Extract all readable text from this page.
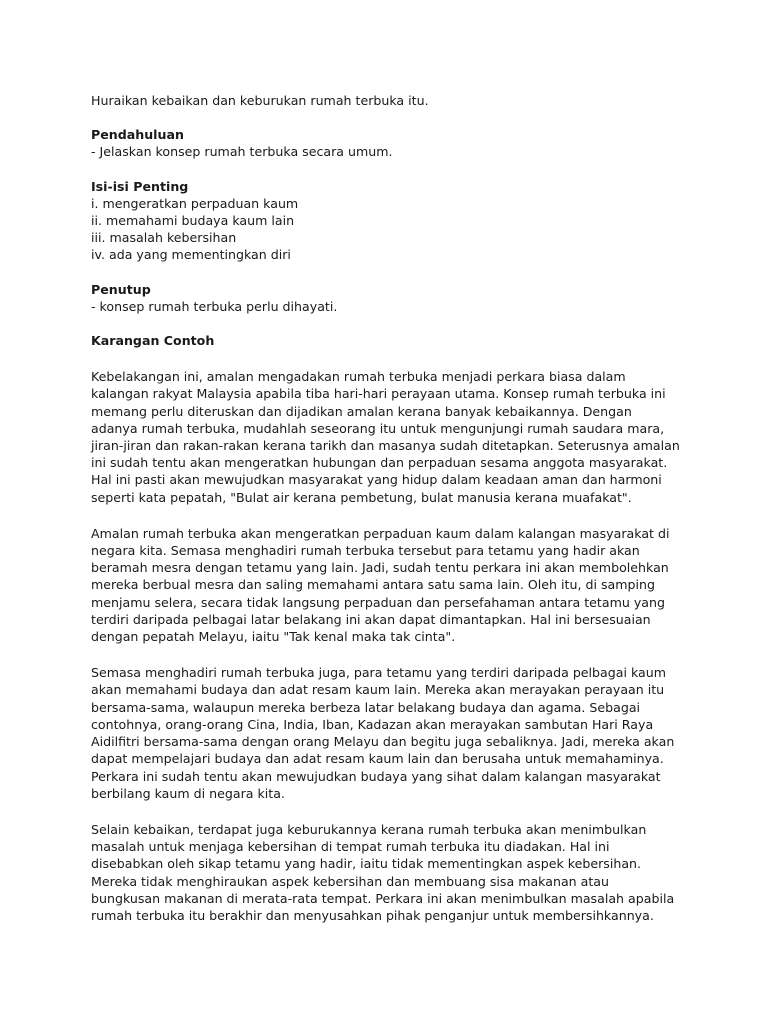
Huraikan kebaikan dan keburukan rumah terbuka itu.
Pendahuluan
- Jelaskan konsep rumah terbuka secara umum.
Isi-isi Penting
i. mengeratkan perpaduan kaum
ii. memahami budaya kaum lain
iii. masalah kebersihan
iv. ada yang mementingkan diri
Penutup
- konsep rumah terbuka perlu dihayati.
Karangan Contoh
Kebelakangan ini, amalan mengadakan rumah terbuka menjadi perkara biasa dalam
kalangan rakyat Malaysia apabila tiba hari-hari perayaan utama. Konsep rumah terbuka ini
memang perlu diteruskan dan dijadikan amalan kerana banyak kebaikannya. Dengan
adanya rumah terbuka, mudahlah seseorang itu untuk mengunjungi rumah saudara mara,
jiran-jiran dan rakan-rakan kerana tarikh dan masanya sudah ditetapkan. Seterusnya amalan
ini sudah tentu akan mengeratkan hubungan dan perpaduan sesama anggota masyarakat.
Hal ini pasti akan mewujudkan masyarakat yang hidup dalam keadaan aman dan harmoni
seperti kata pepatah, "Bulat air kerana pembetung, bulat manusia kerana muafakat".
Amalan rumah terbuka akan mengeratkan perpaduan kaum dalam kalangan masyarakat di
negara kita. Semasa menghadiri rumah terbuka tersebut para tetamu yang hadir akan
beramah mesra dengan tetamu yang lain. Jadi, sudah tentu perkara ini akan membolehkan
mereka berbual mesra dan saling memahami antara satu sama lain. Oleh itu, di samping
menjamu selera, secara tidak langsung perpaduan dan persefahaman antara tetamu yang
terdiri daripada pelbagai latar belakang ini akan dapat dimantapkan. Hal ini bersesuaian
dengan pepatah Melayu, iaitu "Tak kenal maka tak cinta".
Semasa menghadiri rumah terbuka juga, para tetamu yang terdiri daripada pelbagai kaum
akan memahami budaya dan adat resam kaum lain. Mereka akan merayakan perayaan itu
bersama-sama, walaupun mereka berbeza latar belakang budaya dan agama. Sebagai
contohnya, orang-orang Cina, India, Iban, Kadazan akan merayakan sambutan Hari Raya
Aidilfitri bersama-sama dengan orang Melayu dan begitu juga sebaliknya. Jadi, mereka akan
dapat mempelajari budaya dan adat resam kaum lain dan berusaha untuk memahaminya.
Perkara ini sudah tentu akan mewujudkan budaya yang sihat dalam kalangan masyarakat
berbilang kaum di negara kita.
Selain kebaikan, terdapat juga keburukannya kerana rumah terbuka akan menimbulkan
masalah untuk menjaga kebersihan di tempat rumah terbuka itu diadakan. Hal ini
disebabkan oleh sikap tetamu yang hadir, iaitu tidak mementingkan aspek kebersihan.
Mereka tidak menghiraukan aspek kebersihan dan membuang sisa makanan atau
bungkusan makanan di merata-rata tempat. Perkara ini akan menimbulkan masalah apabila
rumah terbuka itu berakhir dan menyusahkan pihak penganjur untuk membersihkannya.
